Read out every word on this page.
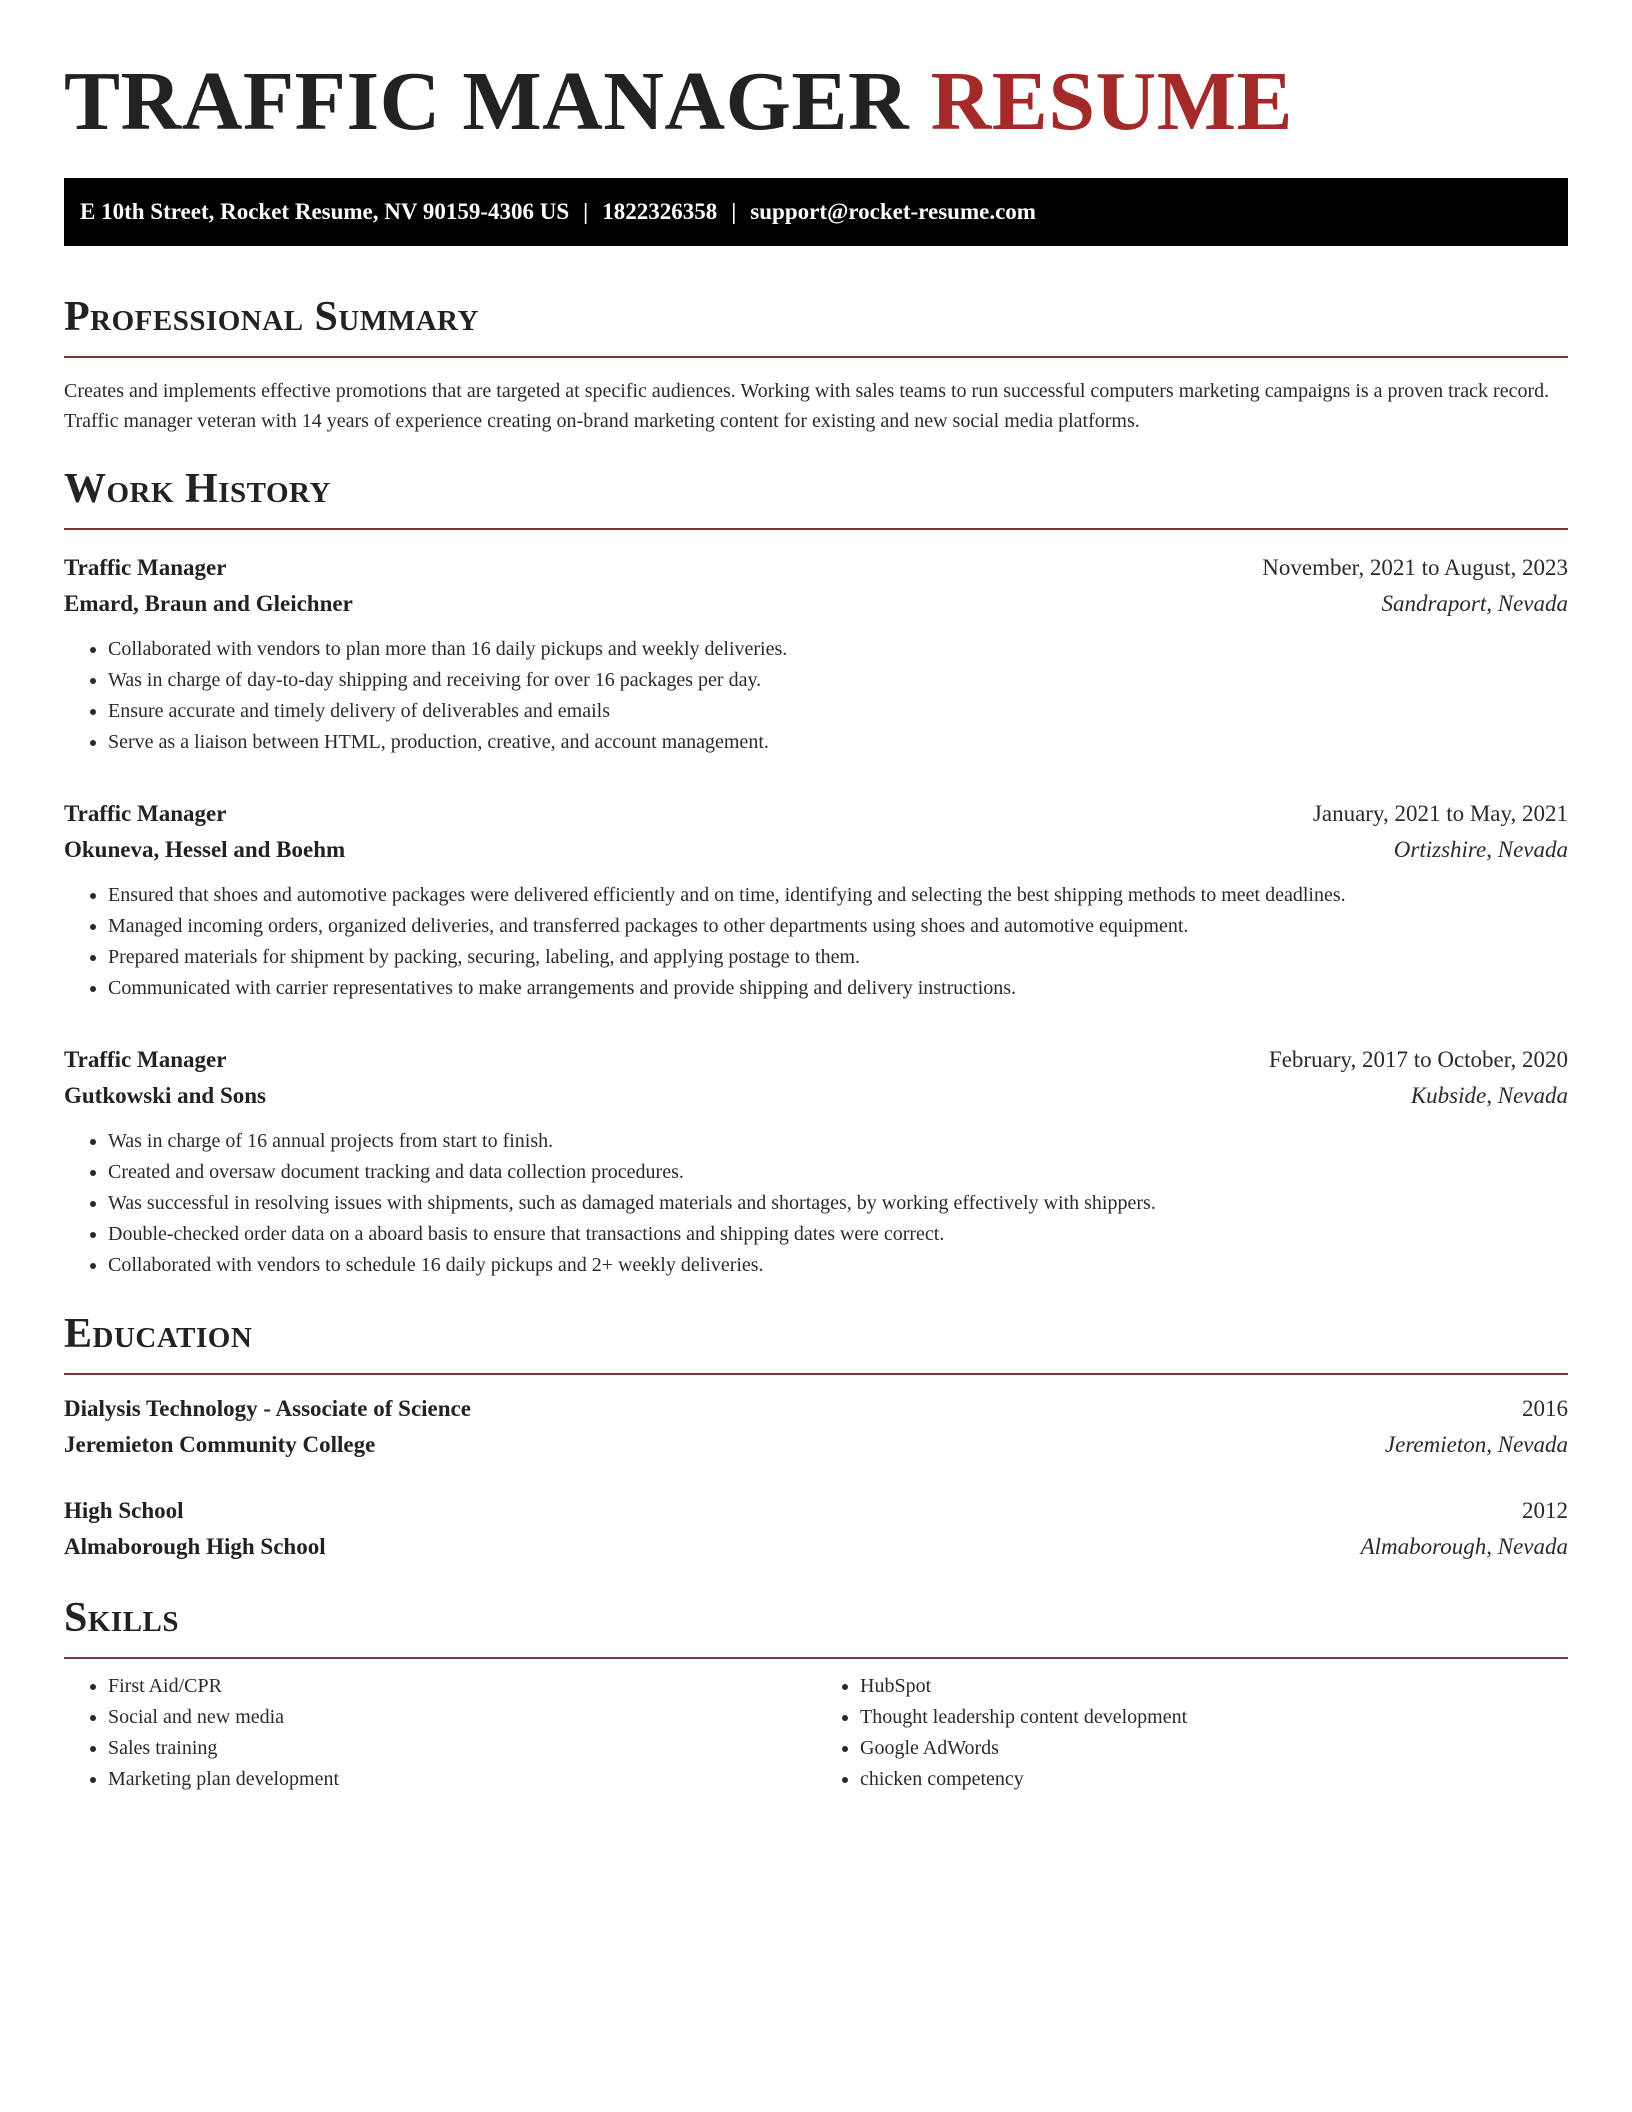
TRAFFIC MANAGER RESUME
E 10th Street, Rocket Resume, NV 90159-4306 US | 1822326358 | support@rocket-resume.com
Professional Summary

Creates and implements effective promotions that are targeted at specific audiences. Working with sales teams to run successful computers marketing campaigns is a proven track record. Traffic manager veteran with 14 years of experience creating on-brand marketing content for existing and new social media platforms.

Work History
Traffic Manager	November, 2021 to August, 2023
Emard, Braun and Gleichner	Sandraport, Nevada
• Collaborated with vendors to plan more than 16 daily pickups and weekly deliveries.
• Was in charge of day-to-day shipping and receiving for over 16 packages per day.
• Ensure accurate and timely delivery of deliverables and emails
• Serve as a liaison between HTML, production, creative, and account management.
Traffic Manager	January, 2021 to May, 2021
Okuneva, Hessel and Boehm	Ortizshire, Nevada
• Ensured that shoes and automotive packages were delivered efficiently and on time, identifying and selecting the best shipping methods to meet deadlines.
• Managed incoming orders, organized deliveries, and transferred packages to other departments using shoes and automotive equipment.
• Prepared materials for shipment by packing, securing, labeling, and applying postage to them.
• Communicated with carrier representatives to make arrangements and provide shipping and delivery instructions.
Traffic Manager	February, 2017 to October, 2020
Gutkowski and Sons	Kubside, Nevada
• Was in charge of 16 annual projects from start to finish.
• Created and oversaw document tracking and data collection procedures.
• Was successful in resolving issues with shipments, such as damaged materials and shortages, by working effectively with shippers.
• Double-checked order data on a aboard basis to ensure that transactions and shipping dates were correct.
• Collaborated with vendors to schedule 16 daily pickups and 2+ weekly deliveries.
Education
Dialysis Technology - Associate of Science	2016
Jeremieton Community College	Jeremieton, Nevada
High School	2012
Almaborough High School	Almaborough, Nevada
Skills
• First Aid/CPR
• Social and new media
• Sales training
• Marketing plan development
• HubSpot
• Thought leadership content development
• Google AdWords
• chicken competency
